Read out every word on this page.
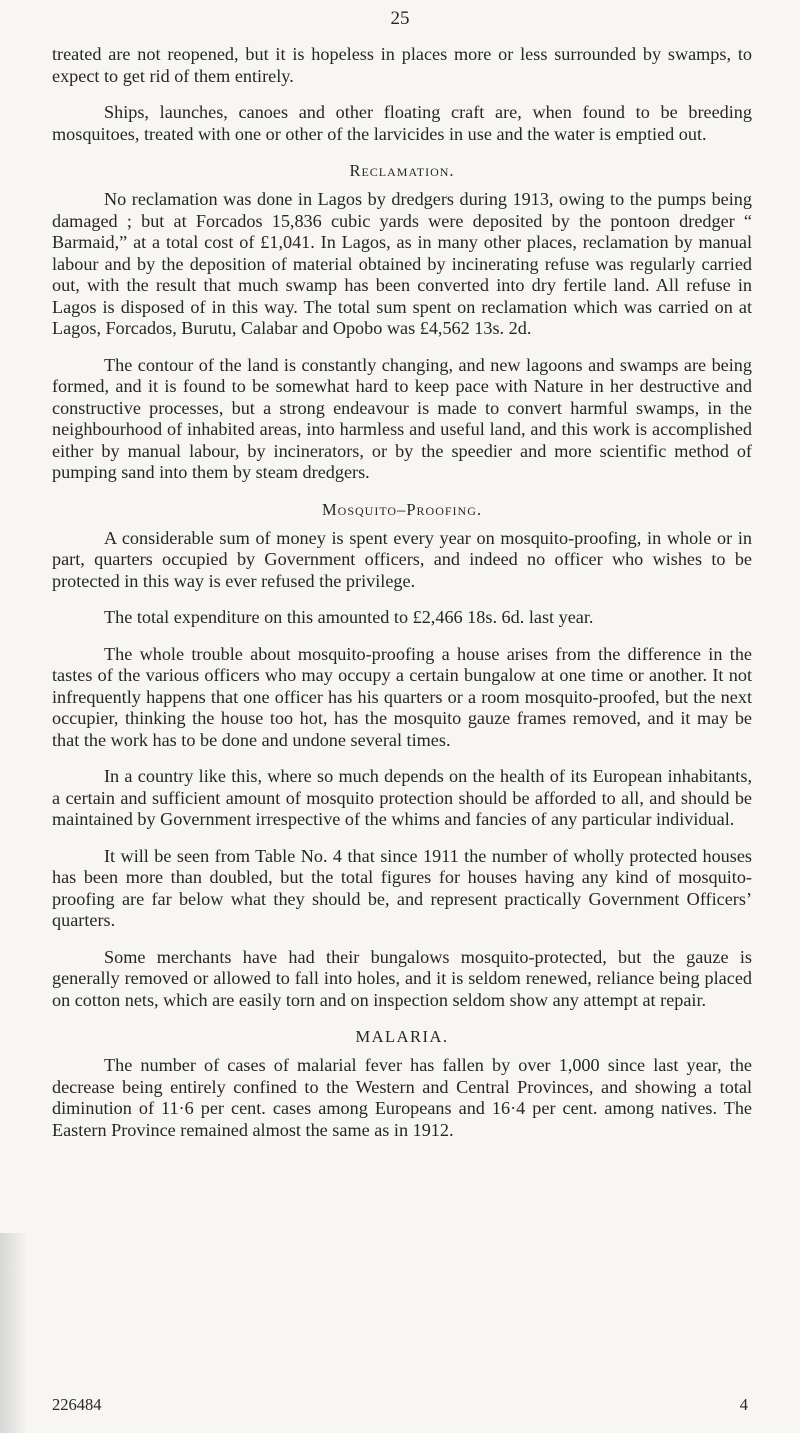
25

treated are not reopened, but it is hopeless in places more or less surrounded by swamps, to expect to get rid of them entirely.

Ships, launches, canoes and other floating craft are, when found to be breeding mosquitoes, treated with one or other of the larvicides in use and the water is emptied out.

Reclamation.

No reclamation was done in Lagos by dredgers during 1913, owing to the pumps being damaged ; but at Forcados 15,836 cubic yards were deposited by the pontoon dredger “ Barmaid,” at a total cost of £1,041. In Lagos, as in many other places, reclamation by manual labour and by the deposition of material obtained by incinerating refuse was regularly carried out, with the result that much swamp has been converted into dry fertile land. All refuse in Lagos is disposed of in this way. The total sum spent on reclamation which was carried on at Lagos, Forcados, Burutu, Calabar and Opobo was £4,562 13s. 2d.

The contour of the land is constantly changing, and new lagoons and swamps are being formed, and it is found to be somewhat hard to keep pace with Nature in her destructive and constructive processes, but a strong endeavour is made to convert harmful swamps, in the neighbourhood of inhabited areas, into harmless and useful land, and this work is accomplished either by manual labour, by incinerators, or by the speedier and more scientific method of pumping sand into them by steam dredgers.

Mosquito–Proofing.

A considerable sum of money is spent every year on mosquito-proofing, in whole or in part, quarters occupied by Government officers, and indeed no officer who wishes to be protected in this way is ever refused the privilege.

The total expenditure on this amounted to £2,466 18s. 6d. last year.

The whole trouble about mosquito-proofing a house arises from the difference in the tastes of the various officers who may occupy a certain bungalow at one time or another. It not infrequently happens that one officer has his quarters or a room mosquito-proofed, but the next occupier, thinking the house too hot, has the mosquito gauze frames removed, and it may be that the work has to be done and undone several times.

In a country like this, where so much depends on the health of its European inhabitants, a certain and sufficient amount of mosquito protection should be afforded to all, and should be maintained by Government irrespective of the whims and fancies of any particular individual.

It will be seen from Table No. 4 that since 1911 the number of wholly protected houses has been more than doubled, but the total figures for houses having any kind of mosquito-proofing are far below what they should be, and represent practically Government Officers’ quarters.

Some merchants have had their bungalows mosquito-protected, but the gauze is generally removed or allowed to fall into holes, and it is seldom renewed, reliance being placed on cotton nets, which are easily torn and on inspection seldom show any attempt at repair.

MALARIA.

The number of cases of malarial fever has fallen by over 1,000 since last year, the decrease being entirely confined to the Western and Central Provinces, and showing a total diminution of 11·6 per cent. cases among Europeans and 16·4 per cent. among natives. The Eastern Province remained almost the same as in 1912.

226484	4
